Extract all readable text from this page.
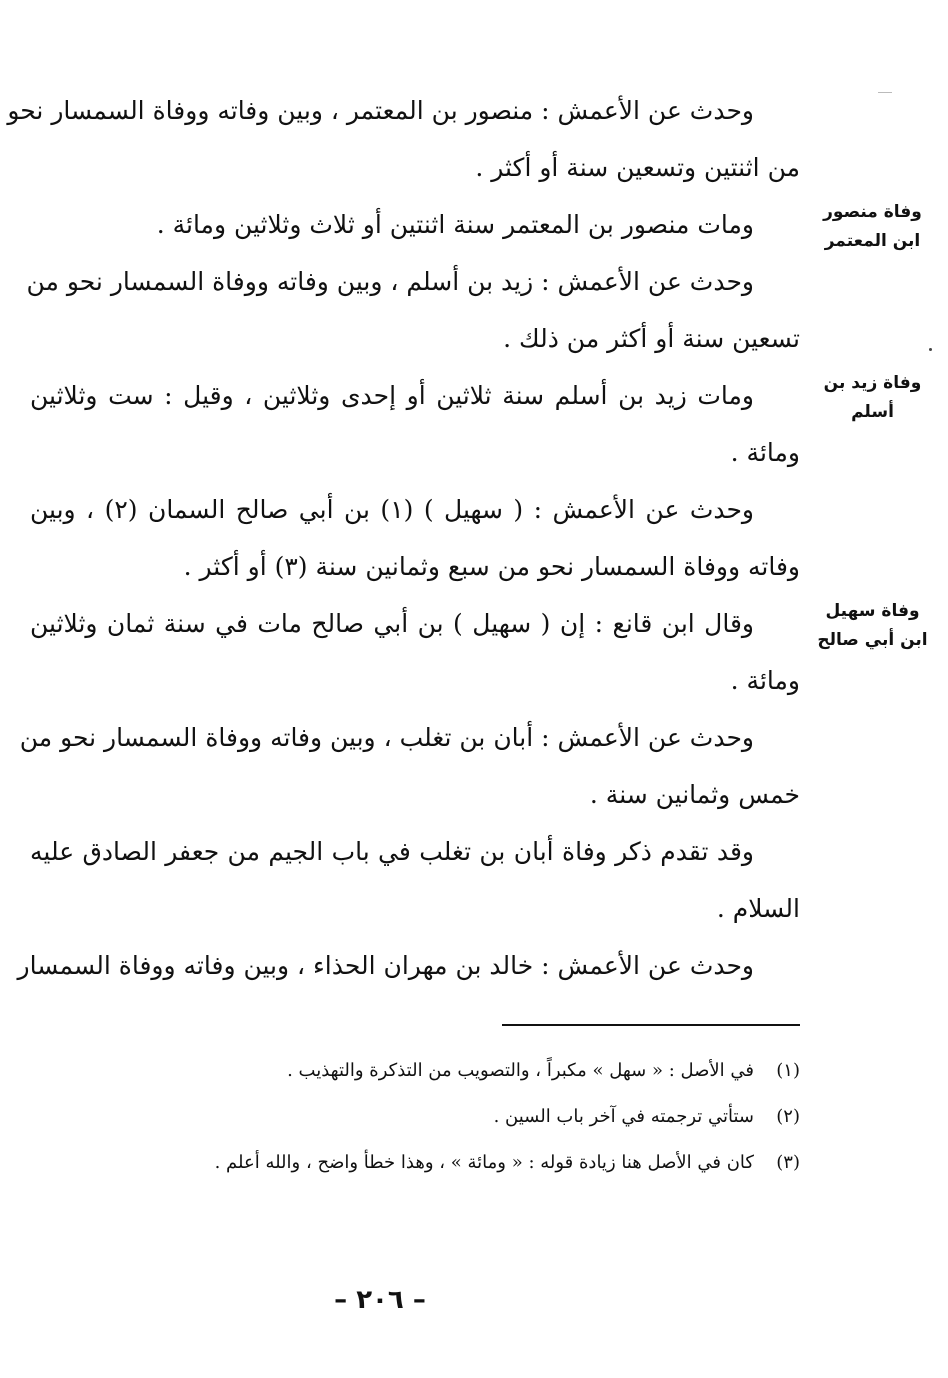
وحدث عن الأعمش : منصور بن المعتمر ، وبين وفاته ووفاة السمسار نحو
من اثنتين وتسعين سنة أو أكثر .
ومات منصور بن المعتمر سنة اثنتين أو ثلاث وثلاثين ومائة .
وحدث عن الأعمش : زيد بن أسلم ، وبين وفاته ووفاة السمسار نحو من
تسعين سنة أو أكثر من ذلك .
ومات زيد بن أسلم سنة ثلاثين أو إحدى وثلاثين ، وقيل : ست وثلاثين
ومائة .
وحدث عن الأعمش : ( سهيل ) (١) بن أبي صالح السمان (٢) ، وبين
وفاته ووفاة السمسار نحو من سبع وثمانين سنة (٣) أو أكثر .
وقال ابن قانع : إن ( سهيل ) بن أبي صالح مات في سنة ثمان وثلاثين
ومائة .
وحدث عن الأعمش : أبان بن تغلب ، وبين وفاته ووفاة السمسار نحو من
خمس وثمانين سنة .
وقد تقدم ذكر وفاة أبان بن تغلب في باب الجيم من جعفر الصادق عليه
السلام .
وحدث عن الأعمش : خالد بن مهران الحذاء ، وبين وفاته ووفاة السمسار
وفاة منصور
ابن المعتمر
وفاة زيد بن
أسلم
وفاة سهيل
ابن أبي صالح
(١)في الأصل : « سهل » مكبراً ، والتصويب من التذكرة والتهذيب .
(٢)ستأتي ترجمته في آخر باب السين .
(٣)كان في الأصل هنا زيادة قوله : « ومائة » ، وهذا خطأ واضح ، والله أعلم .
– ٢٠٦ –
